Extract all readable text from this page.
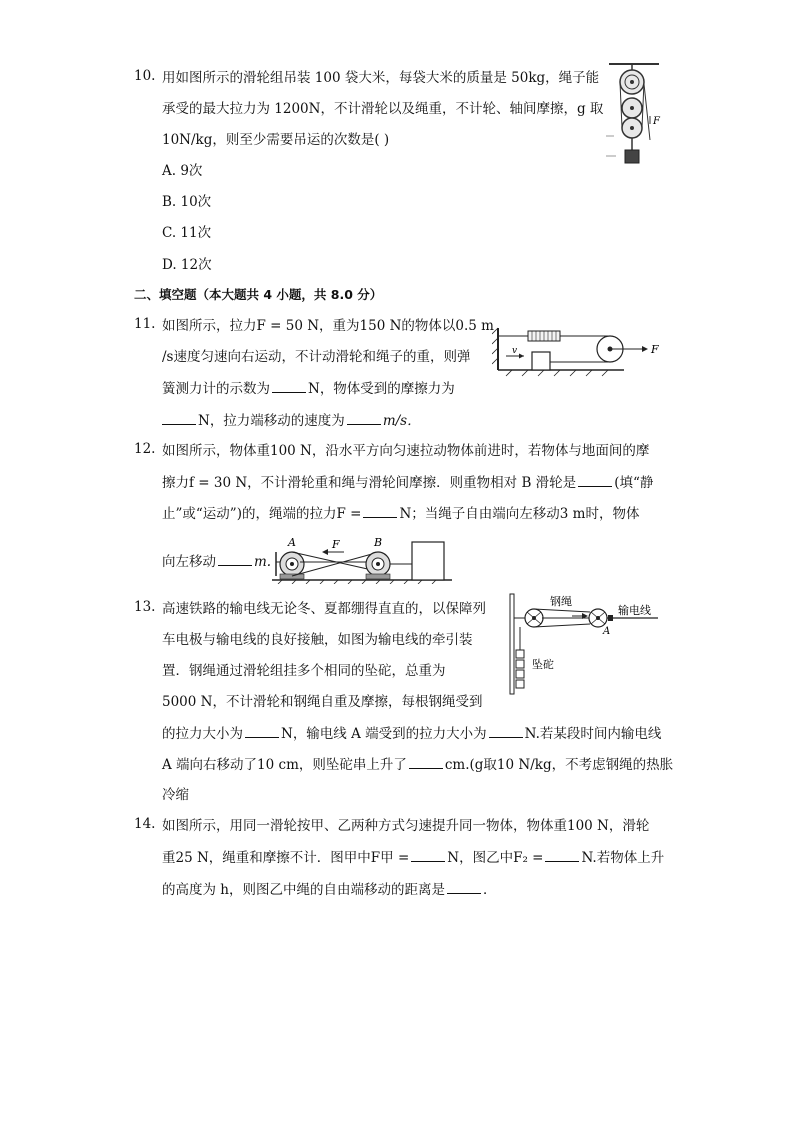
10. 用如图所示的滑轮组吊装 100 袋大米，每袋大米的质量是 50kg，绳子能
承受的最大拉力为 1200N，不计滑轮以及绳重，不计轮、轴间摩擦，g 取
10N/kg，则至少需要吊运的次数是( )
A. 9次
B. 10次
C. 11次
D. 12次
F
二、填空题（本大题共 4 小题，共 8.0 分）
11. 如图所示，拉力F = 50 N，重为150 N的物体以0.5 m
/s速度匀速向右运动，不计动滑轮和绳子的重，则弹
簧测力计的示数为	N，物体受到的摩擦力为
N，拉力端移动的速度为	m/s．
v	F
12. 如图所示，物体重100 N，沿水平方向匀速拉动物体前进时，若物体与地面间的摩
擦力f = 30 N，不计滑轮重和绳与滑轮间摩擦．则重物相对 B 滑轮是	(填“静
止”或“运动”)的，绳端的拉力F =	N；当绳子自由端向左移动3 m时，物体
向左移动	m.
A	F	B
13. 高速铁路的输电线无论冬、夏都绷得直直的，以保障列
车电极与输电线的良好接触，如图为输电线的牵引装
置．钢绳通过滑轮组挂多个相同的坠砣，总重为
5000 N，不计滑轮和钢绳自重及摩擦，每根钢绳受到
的拉力大小为	N，输电线 A 端受到的拉力大小为	N.若某段时间内输电线
A 端向右移动了10 cm，则坠砣串上升了	cm.(g取10 N/kg，不考虑钢绳的热胀
冷缩
钢绳
输电线
A
坠砣
14. 如图所示，用同一滑轮按甲、乙两种方式匀速提升同一物体，物体重100 N，滑轮
重25 N，绳重和摩擦不计．图甲中F甲 =	N，图乙中F₂ =	N.若物体上升
的高度为 h，则图乙中绳的自由端移动的距离是	．
